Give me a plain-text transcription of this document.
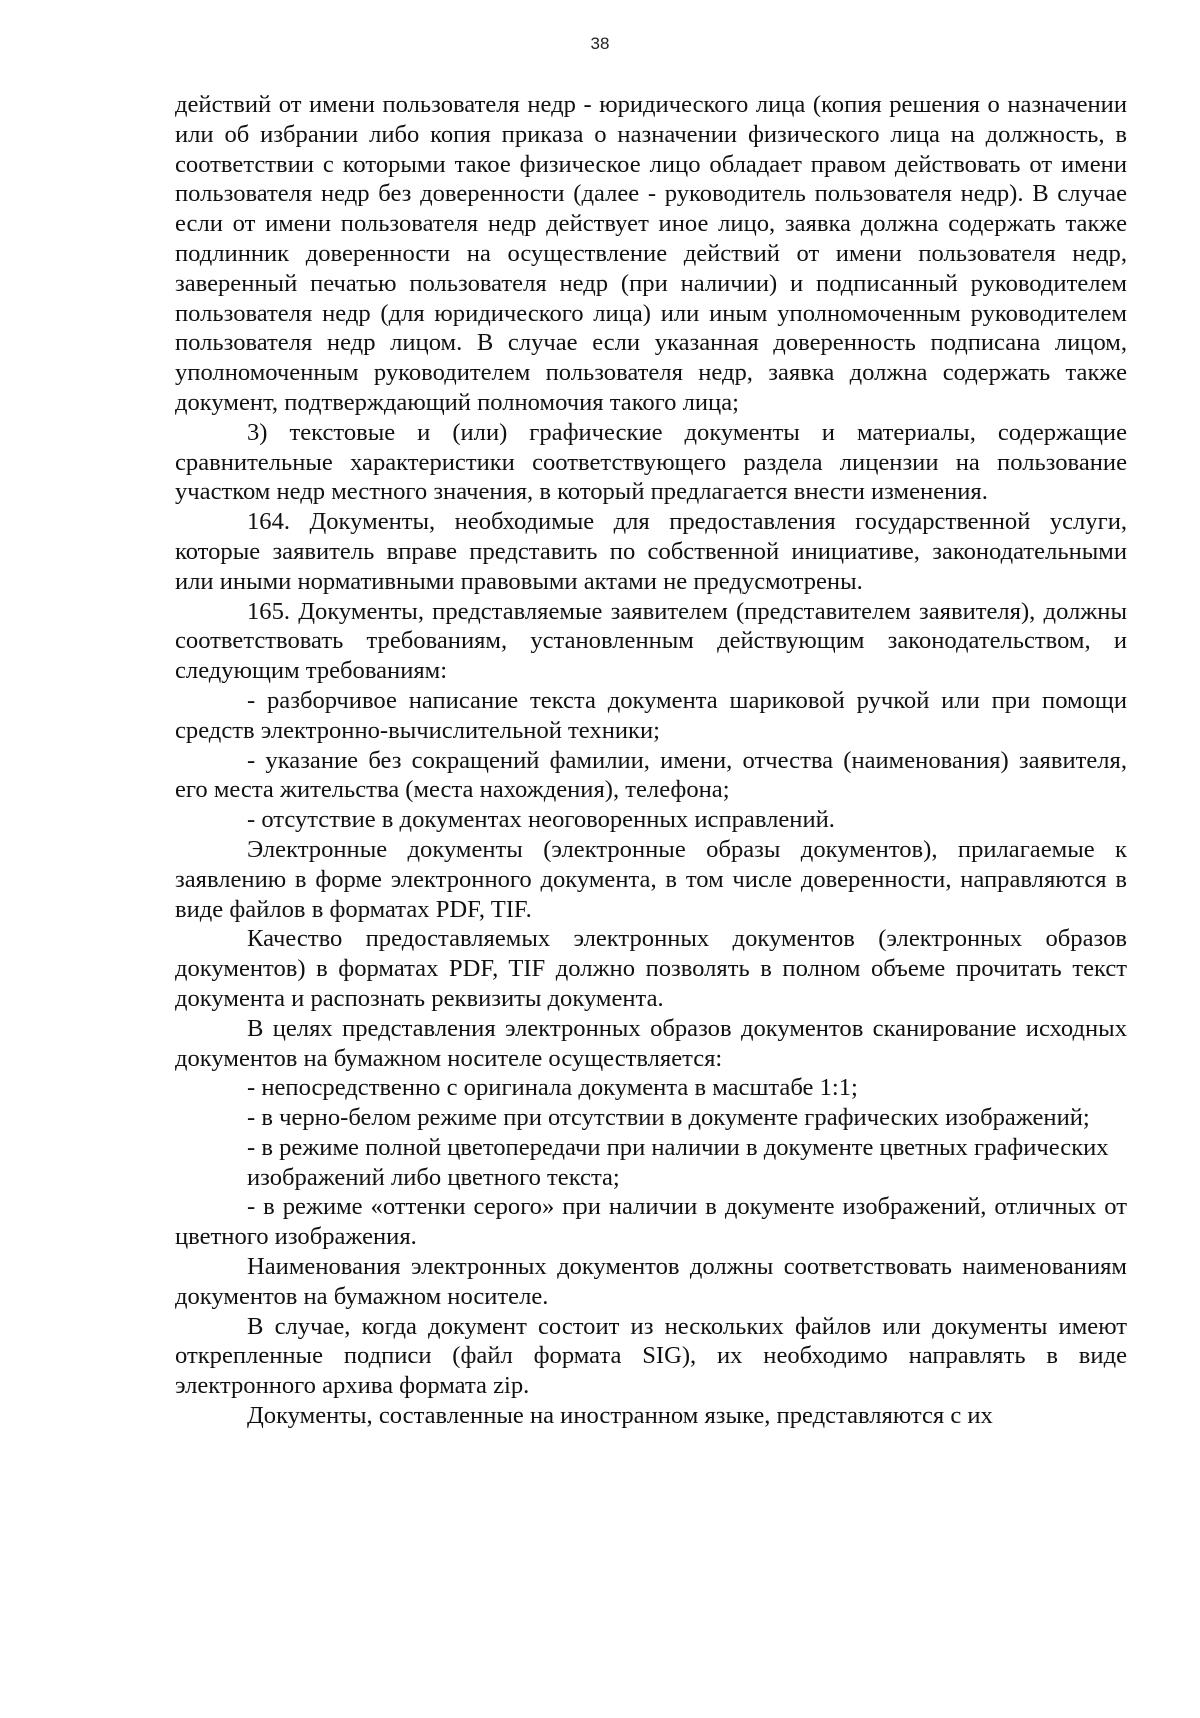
38

действий от имени пользователя недр - юридического лица (копия решения о назначении или об избрании либо копия приказа о назначении физического лица на должность, в соответствии с которыми такое физическое лицо обладает правом действовать от имени пользователя недр без доверенности (далее - руководитель пользователя недр). В случае если от имени пользователя недр действует иное лицо, заявка должна содержать также подлинник доверенности на осуществление действий от имени пользователя недр, заверенный печатью пользователя недр (при наличии) и подписанный руководителем пользователя недр (для юридического лица) или иным уполномоченным руководителем пользователя недр лицом. В случае если указанная доверенность подписана лицом, уполномоченным руководителем пользователя недр, заявка должна содержать также документ, подтверждающий полномочия такого лица;

3) текстовые и (или) графические документы и материалы, содержащие сравнительные характеристики соответствующего раздела лицензии на пользование участком недр местного значения, в который предлагается внести изменения.

164. Документы, необходимые для предоставления государственной услуги, которые заявитель вправе представить по собственной инициативе, законодательными или иными нормативными правовыми актами не предусмотрены.

165. Документы, представляемые заявителем (представителем заявителя), должны соответствовать требованиям, установленным действующим законодательством, и следующим требованиям:

- разборчивое написание текста документа шариковой ручкой или при помощи средств электронно-вычислительной техники;

- указание без сокращений фамилии, имени, отчества (наименования) заявителя, его места жительства (места нахождения), телефона;

- отсутствие в документах неоговоренных исправлений.

Электронные документы (электронные образы документов), прилагаемые к заявлению в форме электронного документа, в том числе доверенности, направляются в виде файлов в форматах PDF, TIF.

Качество предоставляемых электронных документов (электронных образов документов) в форматах PDF, TIF должно позволять в полном объеме прочитать текст документа и распознать реквизиты документа.

В целях представления электронных образов документов сканирование исходных документов на бумажном носителе осуществляется:

- непосредственно с оригинала документа в масштабе 1:1;

- в черно-белом режиме при отсутствии в документе графических изображений;

- в режиме полной цветопередачи при наличии в документе цветных графических изображений либо цветного текста;

- в режиме «оттенки серого» при наличии в документе изображений, отличных от цветного изображения.

Наименования электронных документов должны соответствовать наименованиям документов на бумажном носителе.

В случае, когда документ состоит из нескольких файлов или документы имеют открепленные подписи (файл формата SIG), их необходимо направлять в виде электронного архива формата zip.

Документы, составленные на иностранном языке, представляются с их
